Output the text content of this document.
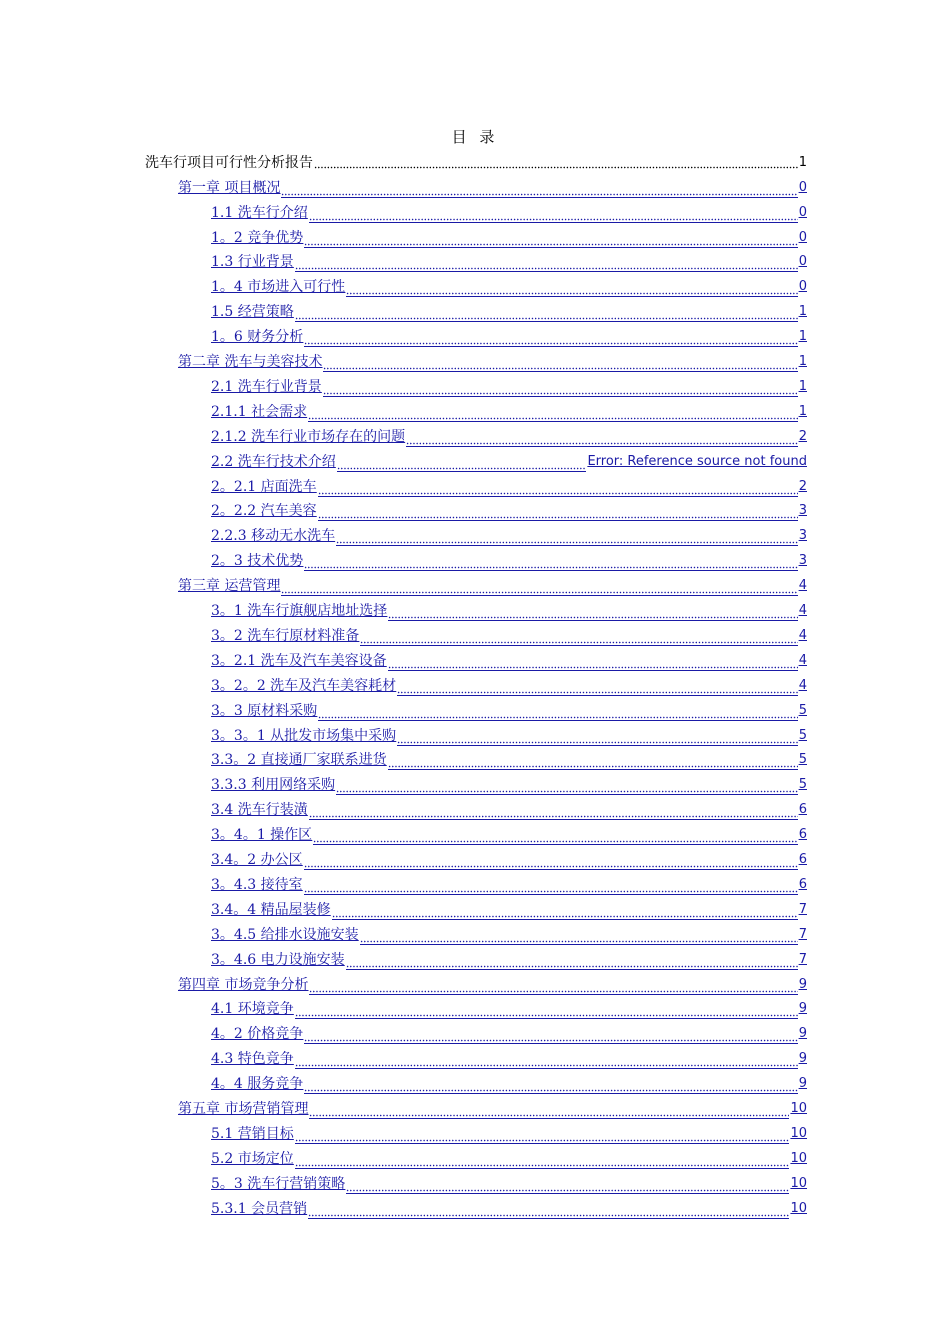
目 录
洗车行项目可行性分析报告	1
第一章 项目概况	0
1.1 洗车行介绍	0
1。2 竞争优势	0
1.3 行业背景	0
1。4 市场进入可行性	0
1.5 经营策略	1
1。6 财务分析	1
第二章 洗车与美容技术	1
2.1 洗车行业背景	1
2.1.1 社会需求	1
2.1.2 洗车行业市场存在的问题	2
2.2 洗车行技术介绍	Error: Reference source not found
2。2.1 店面洗车	2
2。2.2 汽车美容	3
2.2.3 移动无水洗车	3
2。3 技术优势	3
第三章 运营管理	4
3。1 洗车行旗舰店地址选择	4
3。2 洗车行原材料准备	4
3。2.1 洗车及汽车美容设备	4
3。2。2 洗车及汽车美容耗材	4
3。3 原材料采购	5
3。3。1 从批发市场集中采购	5
3.3。2 直接通厂家联系进货	5
3.3.3 利用网络采购	5
3.4 洗车行装潢	6
3。4。1 操作区	6
3.4。2 办公区	6
3。4.3 接待室	6
3.4。4 精品屋装修	7
3。4.5 给排水设施安装	7
3。4.6 电力设施安装	7
第四章 市场竞争分析	9
4.1 环境竞争	9
4。2 价格竞争	9
4.3 特色竞争	9
4。4 服务竞争	9
第五章 市场营销管理	10
5.1 营销目标	10
5.2 市场定位	10
5。3 洗车行营销策略	10
5.3.1 会员营销	10
